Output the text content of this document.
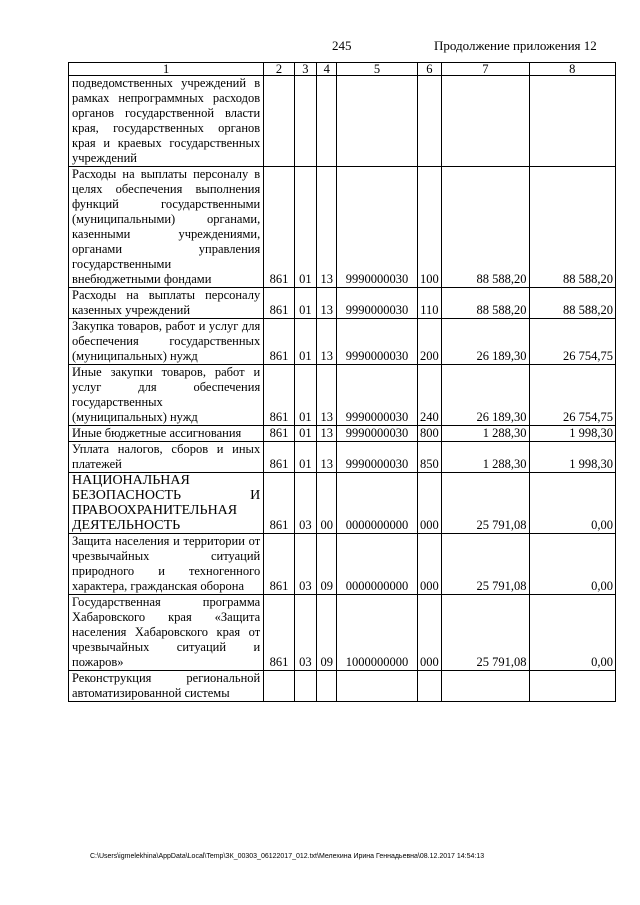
245	Продолжение приложения 12
1	2	3	4	5	6	7	8
подведомственных учреждений в рамках непрограммных расходов органов государственной власти края, государственных органов края и краевых государственных учреждений							
Расходы на выплаты персоналу в целях обеспечения выполнения функций государственными (муниципальными) органами, казенными учреждениями, органами управления государственными внебюджетными фондами	861	01	13	9990000030	100	88 588,20	88 588,20
Расходы на выплаты персоналу казенных учреждений	861	01	13	9990000030	110	88 588,20	88 588,20
Закупка товаров, работ и услуг для обеспечения государственных (муниципальных) нужд	861	01	13	9990000030	200	26 189,30	26 754,75
Иные закупки товаров, работ и услуг для обеспечения государственных (муниципальных) нужд	861	01	13	9990000030	240	26 189,30	26 754,75
Иные бюджетные ассигнования	861	01	13	9990000030	800	1 288,30	1 998,30
Уплата налогов, сборов и иных платежей	861	01	13	9990000030	850	1 288,30	1 998,30
НАЦИОНАЛЬНАЯ БЕЗОПАСНОСТЬ И ПРАВООХРАНИТЕЛЬНАЯ ДЕЯТЕЛЬНОСТЬ	861	03	00	0000000000	000	25 791,08	0,00
Защита населения и территории от чрезвычайных ситуаций природного и техногенного характера, гражданская оборона	861	03	09	0000000000	000	25 791,08	0,00
Государственная программа Хабаровского края «Защита населения Хабаровского края от чрезвычайных ситуаций и пожаров»	861	03	09	1000000000	000	25 791,08	0,00
Реконструкция региональной автоматизированной системы							
C:\Users\igmelekhina\AppData\Local\Temp\ЗК_00303_06122017_012.txt\Мелехина Ирина Геннадьевна\08.12.2017 14:54:13
